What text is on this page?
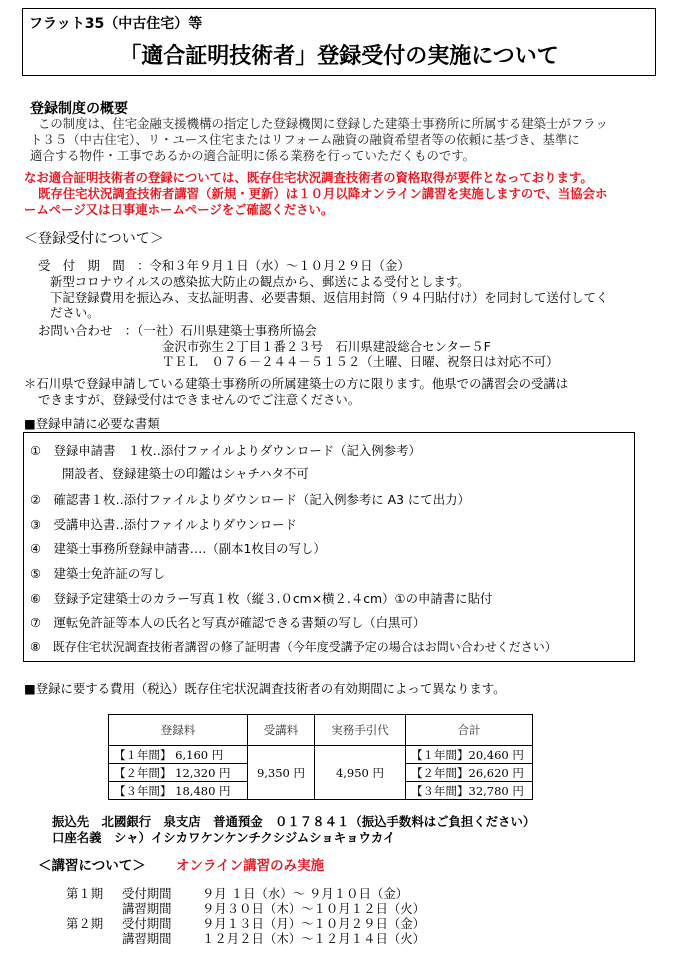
フラット35（中古住宅）等
「適合証明技術者」登録受付の実施について
登録制度の概要
この制度は、住宅金融支援機構の指定した登録機関に登録した建築士事務所に所属する建築士がフラッ
ト３５（中古住宅）、リ・ユース住宅またはリフォーム融資の融資希望者等の依頼に基づき、基準に
適合する物件・工事であるかの適合証明に係る業務を行っていただくものです。
なお適合証明技術者の登録については、既存住宅状況調査技術者の資格取得が要件となっております。
既存住宅状況調査技術者講習（新規・更新）は１０月以降オンライン講習を実施しますので、当協会ホ
ームページ又は日事連ホームページをご確認ください。
＜登録受付について＞
受　付　期　間　：令和３年９月１日（水）～１０月２９日（金）
新型コロナウイルスの感染拡大防止の観点から、郵送による受付とします。
下記登録費用を振込み、支払証明書、必要書類、返信用封筒（９４円貼付け）を同封して送付してく
ださい。
お問い合わせ　：（一社）石川県建築士事務所協会
金沢市弥生２丁目１番２３号　石川県建設総合センター５F
ＴＥＬ　０７６－２４４－５１５２（土曜、日曜、祝祭日は対応不可）
＊石川県で登録申請している建築士事務所の所属建築士の方に限ります。他県での講習会の受講は
できますが、登録受付はできませんのでご注意ください。
■登録申請に必要な書類
①　登録申請書　１枚‥添付ファイルよりダウンロード（記入例参考）
開設者、登録建築士の印鑑はシャチハタ不可
②　確認書１枚‥添付ファイルよりダウンロード（記入例参考に A3 にて出力）
③　受講申込書‥添付ファイルよりダウンロード
④　建築士事務所登録申請書‥‥（副本1枚目の写し）
⑤　建築士免許証の写し
⑥　登録予定建築士のカラー写真１枚（縦３.０cm×横２.４cm）①の申請書に貼付
⑦　運転免許証等本人の氏名と写真が確認できる書類の写し（白黒可）
⑧　既存住宅状況調査技術者講習の修了証明書（今年度受講予定の場合はお問い合わせください）
■登録に要する費用（税込）既存住宅状況調査技術者の有効期間によって異なります。
登録料	受講料	実務手引代	合計
【１年間】 6,160 円	9,350 円	4,950 円	【１年間】20,460 円
【２年間】 12,320 円			【２年間】26,620 円
【３年間】 18,480 円			【３年間】32,780 円
振込先　北國銀行　泉支店　普通預金　０１７８４１（振込手数料はご負担ください）
口座名義　シャ）イシカワケンケンチクシジムショキョウカイ
＜講習について＞ オンライン講習のみ実施
第１期 受付期間 ９月 １日（水）～ ９月１０日（金）
講習期間 ９月３０日（木）～１０月１２日（火）
第２期 受付期間 ９月１３日（月）～１０月２９日（金）
講習期間 １２月２日（木）～１２月１４日（火）
